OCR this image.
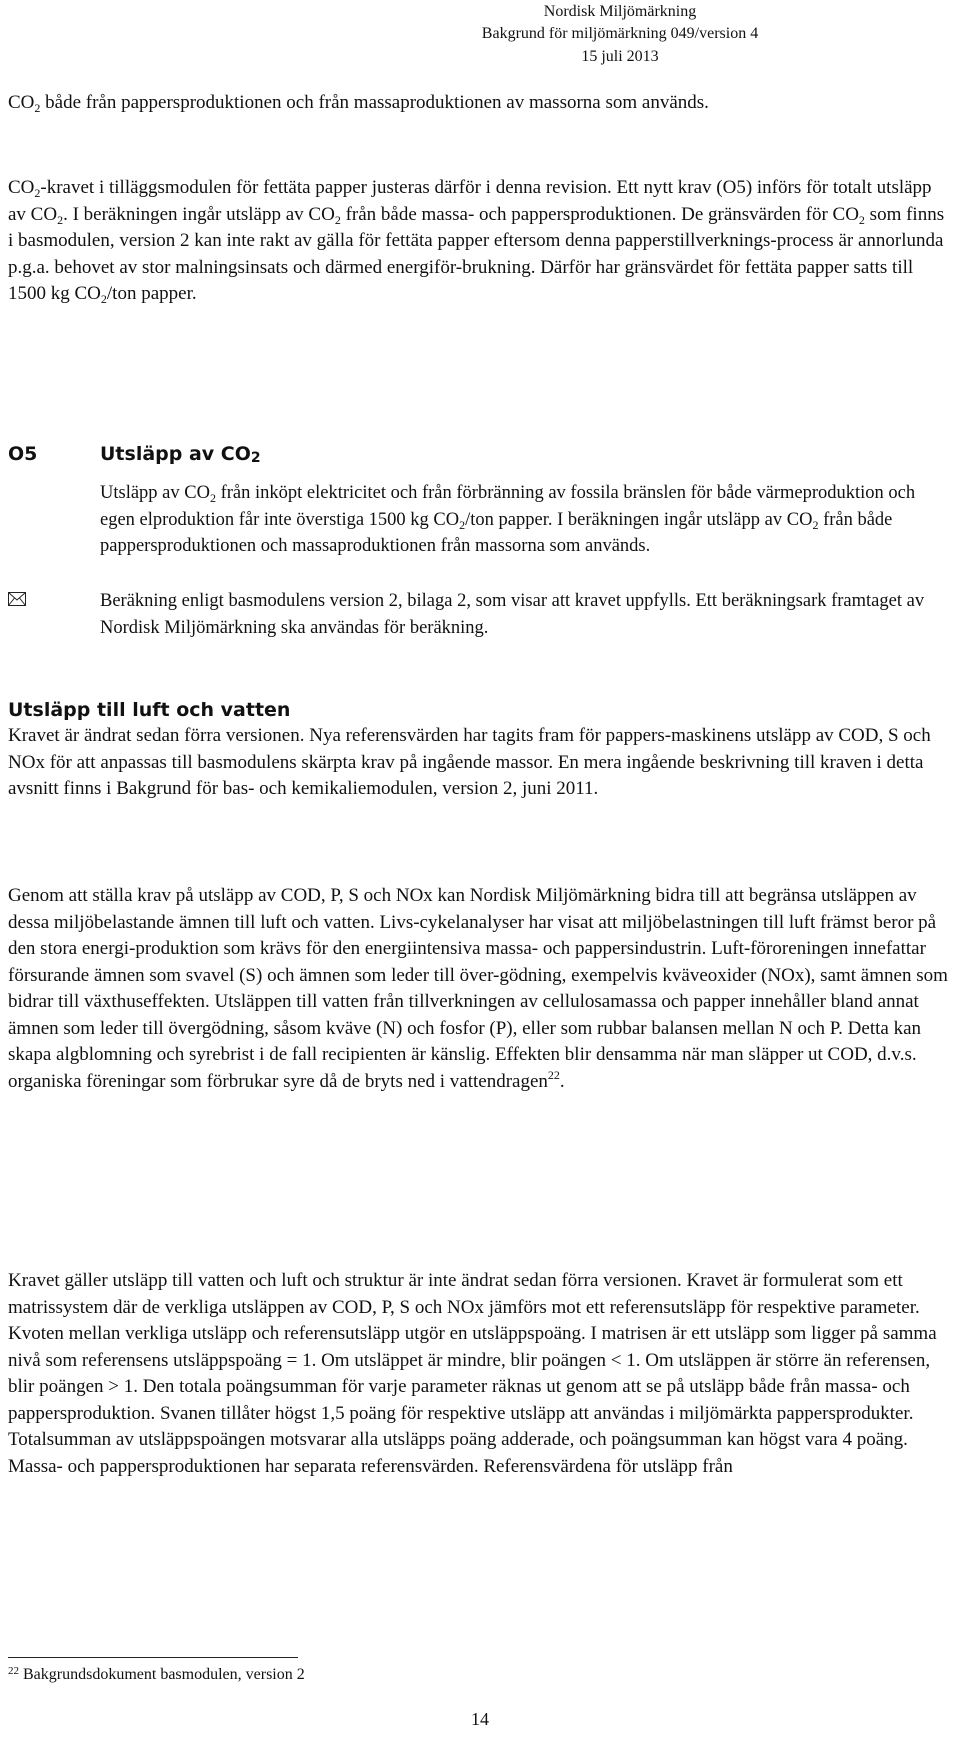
Nordisk Miljömärkning
Bakgrund för miljömärkning 049/version 4
15 juli 2013

$CO_2$ både från pappersproduktionen och från massaproduktionen av massorna som används.

$CO_2$-kravet i tilläggsmodulen för fettäta papper justeras därför i denna revision. Ett nytt krav (O5) införs för totalt utsläpp av $CO_2$. I beräkningen ingår utsläpp av $CO_2$ från både massa- och pappersproduktionen. De gränsvärden för $CO_2$ som finns i basmodulen, version 2 kan inte rakt av gälla för fettäta papper eftersom denna papperstillverknings-process är annorlunda p.g.a. behovet av stor malningsinsats och därmed energiför-brukning. Därför har gränsvärdet för fettäta papper satts till 1500 kg $CO_2$/ton papper.

O5	Utsläpp av $CO_2$

Utsläpp av $CO_2$ från inköpt elektricitet och från förbränning av fossila bränslen för både värmeproduktion och egen elproduktion får inte överstiga 1500 kg $CO_2$/ton papper. I beräkningen ingår utsläpp av $CO_2$ från både pappersproduktionen och massaproduktionen från massorna som används.

Beräkning enligt basmodulens version 2, bilaga 2, som visar att kravet uppfylls. Ett beräkningsark framtaget av Nordisk Miljömärkning ska användas för beräkning.

Utsläpp till luft och vatten

Kravet är ändrat sedan förra versionen. Nya referensvärden har tagits fram för pappers-maskinens utsläpp av COD, S och NOx för att anpassas till basmodulens skärpta krav på ingående massor. En mera ingående beskrivning till kraven i detta avsnitt finns i Bakgrund för bas- och kemikaliemodulen, version 2, juni 2011.

Genom att ställa krav på utsläpp av COD, P, S och NOx kan Nordisk Miljömärkning bidra till att begränsa utsläppen av dessa miljöbelastande ämnen till luft och vatten. Livs-cykelanalyser har visat att miljöbelastningen till luft främst beror på den stora energi-produktion som krävs för den energiintensiva massa- och pappersindustrin. Luft-föroreningen innefattar försurande ämnen som svavel (S) och ämnen som leder till över-gödning, exempelvis kväveoxider (NOx), samt ämnen som bidrar till växthuseffekten. Utsläppen till vatten från tillverkningen av cellulosamassa och papper innehåller bland annat ämnen som leder till övergödning, såsom kväve (N) och fosfor (P), eller som rubbar balansen mellan N och P. Detta kan skapa algblomning och syrebrist i de fall recipienten är känslig. Effekten blir densamma när man släpper ut COD, d.v.s. organiska föreningar som förbrukar syre då de bryts ned i vattendragen$^{22}$.

Kravet gäller utsläpp till vatten och luft och struktur är inte ändrat sedan förra versionen. Kravet är formulerat som ett matrissystem där de verkliga utsläppen av COD, P, S och NOx jämförs mot ett referensutsläpp för respektive parameter. Kvoten mellan verkliga utsläpp och referensutsläpp utgör en utsläppspoäng. I matrisen är ett utsläpp som ligger på samma nivå som referensens utsläppspoäng = 1. Om utsläppet är mindre, blir poängen < 1. Om utsläppen är större än referensen, blir poängen > 1. Den totala poängsumman för varje parameter räknas ut genom att se på utsläpp både från massa- och pappersproduktion. Svanen tillåter högst 1,5 poäng för respektive utsläpp att användas i miljömärkta pappersprodukter. Totalsumman av utsläppspoängen motsvarar alla utsläpps poäng adderade, och poängsumman kan högst vara 4 poäng. Massa- och pappersproduktionen har separata referensvärden. Referensvärdena för utsläpp från

$^{22}$ Bakgrundsdokument basmodulen, version 2
14
